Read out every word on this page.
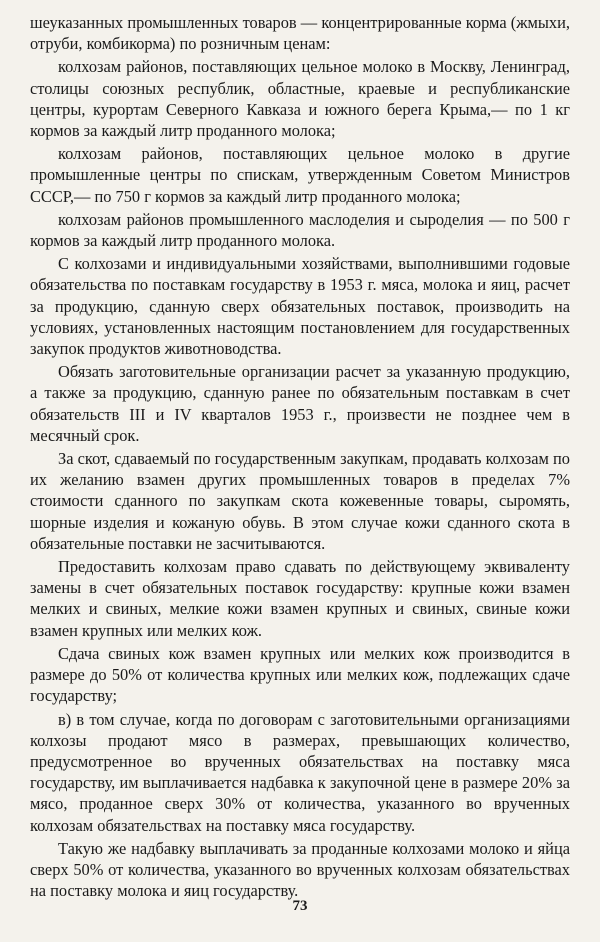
шеуказанных промышленных товаров — концентрированные корма (жмыхи, отруби, комбикорма) по розничным ценам:

колхозам районов, поставляющих цельное молоко в Москву, Ленинград, столицы союзных республик, областные, краевые и республиканские центры, курортам Северного Кавказа и южного берега Крыма,— по 1 кг кормов за каждый литр проданного молока;

колхозам районов, поставляющих цельное молоко в другие промышленные центры по спискам, утвержденным Советом Министров СССР,— по 750 г кормов за каждый литр проданного молока;

колхозам районов промышленного маслоделия и сыроделия — по 500 г кормов за каждый литр проданного молока.

С колхозами и индивидуальными хозяйствами, выполнившими годовые обязательства по поставкам государству в 1953 г. мяса, молока и яиц, расчет за продукцию, сданную сверх обязательных поставок, производить на условиях, установленных настоящим постановлением для государственных закупок продуктов животноводства.

Обязать заготовительные организации расчет за указанную продукцию, а также за продукцию, сданную ранее по обязательным поставкам в счет обязательств III и IV кварталов 1953 г., произвести не позднее чем в месячный срок.

За скот, сдаваемый по государственным закупкам, продавать колхозам по их желанию взамен других промышленных товаров в пределах 7% стоимости сданного по закупкам скота кожевенные товары, сыромять, шорные изделия и кожаную обувь. В этом случае кожи сданного скота в обязательные поставки не засчитываются.

Предоставить колхозам право сдавать по действующему эквиваленту замены в счет обязательных поставок государству: крупные кожи взамен мелких и свиных, мелкие кожи взамен крупных и свиных, свиные кожи взамен крупных или мелких кож.

Сдача свиных кож взамен крупных или мелких кож производится в размере до 50% от количества крупных или мелких кож, подлежащих сдаче государству;

в) в том случае, когда по договорам с заготовительными организациями колхозы продают мясо в размерах, превышающих количество, предусмотренное во врученных обязательствах на поставку мяса государству, им выплачивается надбавка к закупочной цене в размере 20% за мясо, проданное сверх 30% от количества, указанного во врученных колхозам обязательствах на поставку мяса государству.

Такую же надбавку выплачивать за проданные колхозами молоко и яйца сверх 50% от количества, указанного во врученных колхозам обязательствах на поставку молока и яиц государству.

73
